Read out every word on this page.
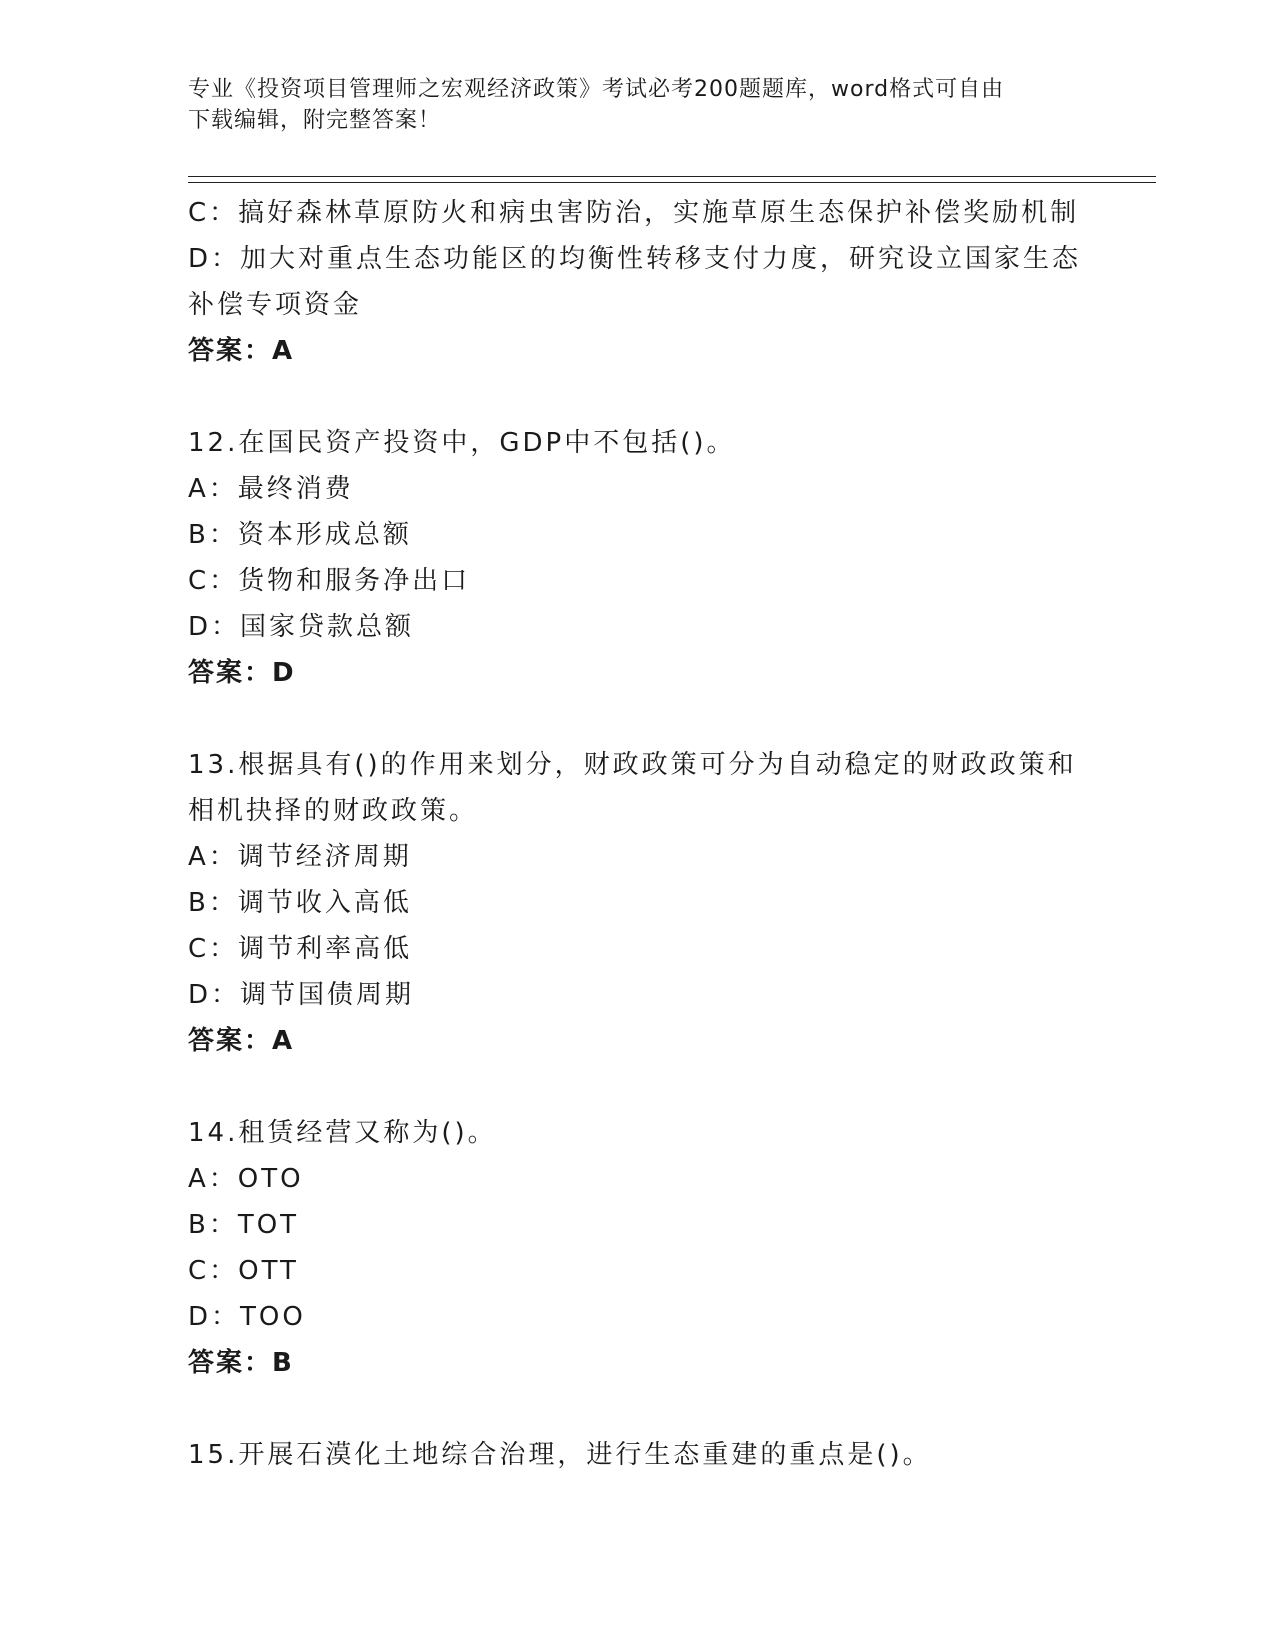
专业《投资项目管理师之宏观经济政策》考试必考200题题库，word格式可自由
下载编辑，附完整答案！
C：搞好森林草原防火和病虫害防治，实施草原生态保护补偿奖励机制
D：加大对重点生态功能区的均衡性转移支付力度，研究设立国家生态
补偿专项资金
答案：A
12.在国民资产投资中，GDP中不包括()。
A：最终消费
B：资本形成总额
C：货物和服务净出口
D：国家贷款总额
答案：D
13.根据具有()的作用来划分，财政政策可分为自动稳定的财政政策和
相机抉择的财政政策。
A：调节经济周期
B：调节收入高低
C：调节利率高低
D：调节国债周期
答案：A
14.租赁经营又称为()。
A：OTO
B：TOT
C：OTT
D：TOO
答案：B
15.开展石漠化土地综合治理，进行生态重建的重点是()。
